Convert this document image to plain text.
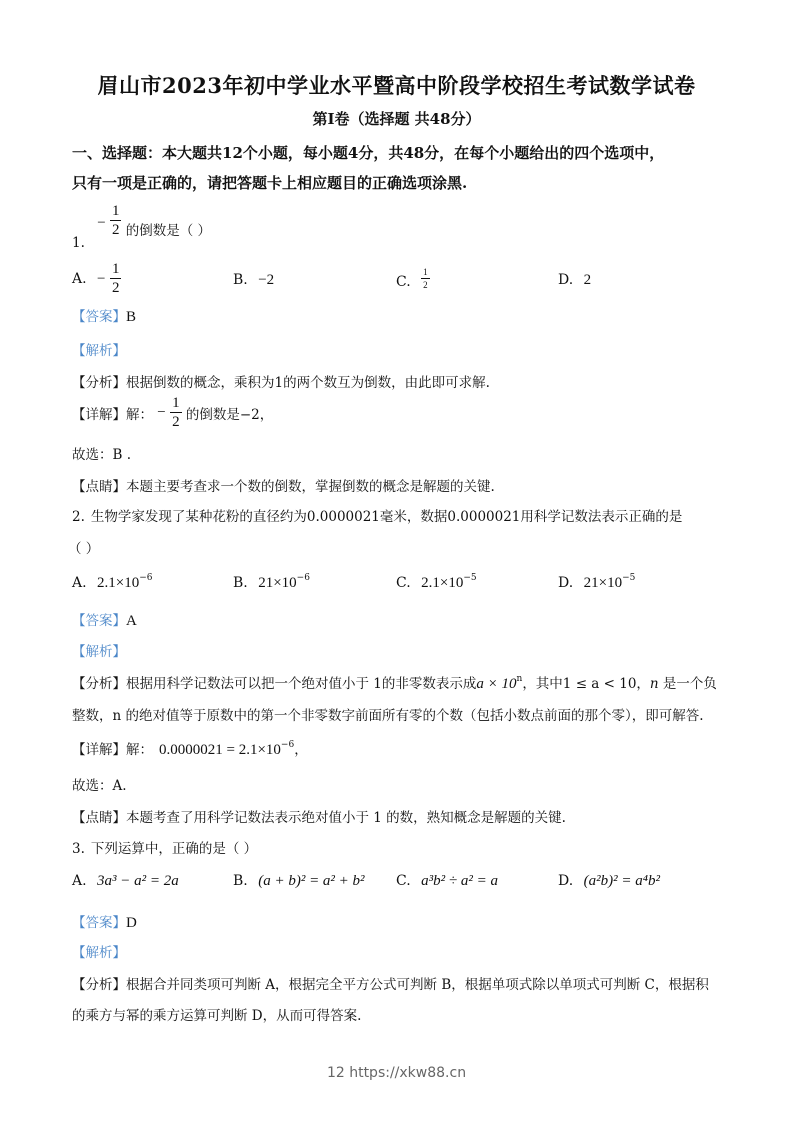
眉山市2023年初中学业水平暨高中阶段学校招生考试数学试卷
第I卷（选择题 共48分）
一、选择题：本大题共12个小题，每小题4分，共48分，在每个小题给出的四个选项中，
只有一项是正确的，请把答题卡上相应题目的正确选项涂黑.
1. − $\frac{1}{2}$ 的倒数是（ ）
A. − $\frac{1}{2}$	B. −2	C. $\frac{1}{2}$	D. 2
【答案】B
【解析】
【分析】根据倒数的概念，乘积为1的两个数互为倒数，由此即可求解.
【详解】解： − $\frac{1}{2}$ 的倒数是−2，
故选：B .
【点睛】本题主要考查求一个数的倒数，掌握倒数的概念是解题的关键.
2. 生物学家发现了某种花粉的直径约为0.0000021毫米，数据0.0000021用科学记数法表示正确的是
（ ）
A. $2.1\times 10^{-6}$	B. $21\times 10^{-6}$	C. $2.1\times 10^{-5}$	D. $21\times 10^{-5}$
【答案】A
【解析】
【分析】根据用科学记数法可以把一个绝对值小于 1的非零数表示成$a \times 10^n$，其中1 ≤ a < 10，n 是一个负
整数，n 的绝对值等于原数中的第一个非零数字前面所有零的个数（包括小数点前面的那个零），即可解答.
【详解】解： $0.0000021 = 2.1\times 10^{-6}$，
故选：A.
【点睛】本题考查了用科学记数法表示绝对值小于 1 的数，熟知概念是解题的关键.
3. 下列运算中，正确的是（ ）
A. 3a³ − a² = 2a	B. (a + b)² = a² + b² C. a³b² ÷ a² = a	D. (a²b)² = a⁴b²
【答案】D
【解析】
【分析】根据合并同类项可判断 A，根据完全平方公式可判断 B，根据单项式除以单项式可判断 C，根据积
的乘方与幂的乘方运算可判断 D，从而可得答案.
12 https://xkw88.cn
